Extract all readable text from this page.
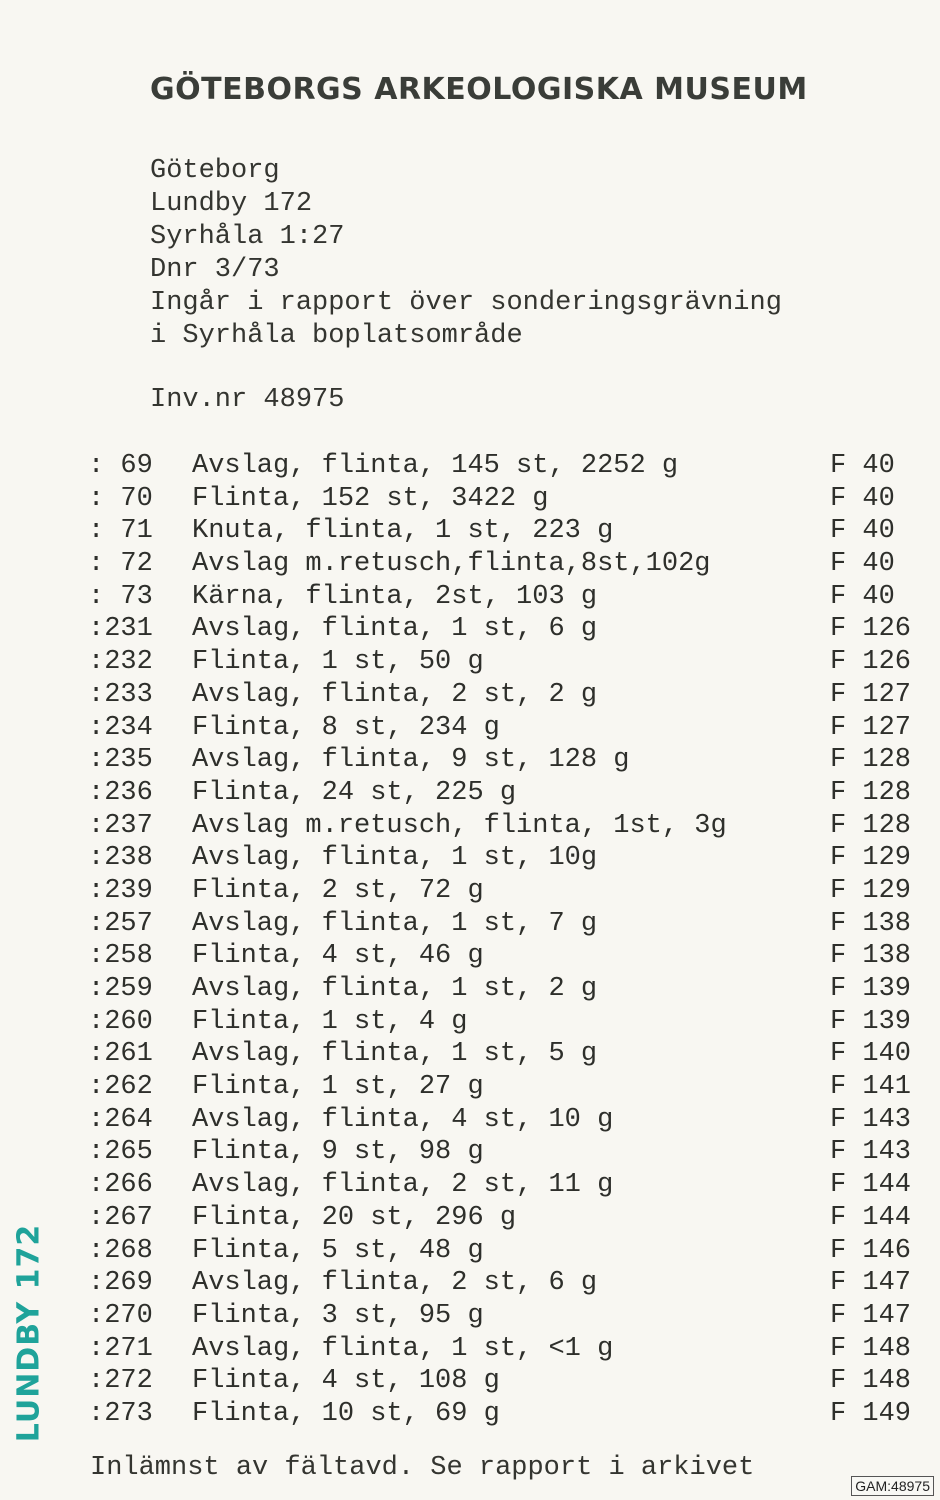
GÖTEBORGS ARKEOLOGISKA MUSEUM
Göteborg
Lundby 172
Syrhåla 1:27
Dnr 3/73
Ingår i rapport över sonderingsgrävning
i Syrhåla boplatsområde
Inv.nr 48975
: 69 Avslag, flinta, 145 st, 2252 g	F 40
: 70 Flinta, 152 st, 3422 g	F 40
: 71 Knuta, flinta, 1 st, 223 g	F 40
: 72 Avslag m.retusch,flinta,8st,102g	F 40
: 73 Kärna, flinta, 2st, 103 g	F 40
:231 Avslag, flinta, 1 st, 6 g	F 126
:232 Flinta, 1 st, 50 g	F 126
:233 Avslag, flinta, 2 st, 2 g	F 127
:234 Flinta, 8 st, 234 g	F 127
:235 Avslag, flinta, 9 st, 128 g	F 128
:236 Flinta, 24 st, 225 g	F 128
:237 Avslag m.retusch, flinta, 1st, 3g	F 128
:238 Avslag, flinta, 1 st, 10g	F 129
:239 Flinta, 2 st, 72 g	F 129
:257 Avslag, flinta, 1 st, 7 g	F 138
:258 Flinta, 4 st, 46 g	F 138
:259 Avslag, flinta, 1 st, 2 g	F 139
:260 Flinta, 1 st, 4 g	F 139
:261 Avslag, flinta, 1 st, 5 g	F 140
:262 Flinta, 1 st, 27 g	F 141
:264 Avslag, flinta, 4 st, 10 g	F 143
:265 Flinta, 9 st, 98 g	F 143
:266 Avslag, flinta, 2 st, 11 g	F 144
:267 Flinta, 20 st, 296 g	F 144
:268 Flinta, 5 st, 48 g	F 146
:269 Avslag, flinta, 2 st, 6 g	F 147
:270 Flinta, 3 st, 95 g	F 147
:271 Avslag, flinta, 1 st, <1 g	F 148
:272 Flinta, 4 st, 108 g	F 148
:273 Flinta, 10 st, 69 g	F 149
Inlämnst av fältavd. Se rapport i arkivet
LUNDBY 172
GAM:48975
